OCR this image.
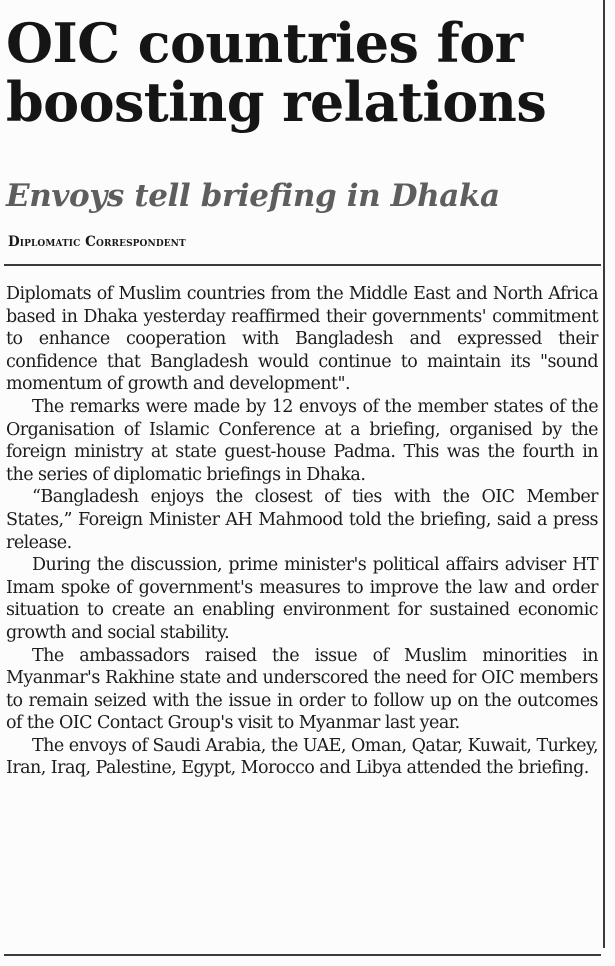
OIC countries for boosting relations
Envoys tell briefing in Dhaka
Diplomatic Correspondent

Diplomats of Muslim countries from the Middle East and North Africa based in Dhaka yesterday reaffirmed their governments' commitment to enhance cooperation with Bangladesh and expressed their confidence that Bangladesh would continue to maintain its "sound momentum of growth and development".

The remarks were made by 12 envoys of the member states of the Organisation of Islamic Conference at a briefing, organised by the foreign ministry at state guest-house Padma. This was the fourth in the series of diplomatic briefings in Dhaka.

“Bangladesh enjoys the closest of ties with the OIC Member States,” Foreign Minister AH Mahmood told the briefing, said a press release.

During the discussion, prime minister's political affairs adviser HT Imam spoke of government's measures to improve the law and order situation to create an enabling environment for sustained economic growth and social stability.

The ambassadors raised the issue of Muslim minorities in Myanmar's Rakhine state and underscored the need for OIC members to remain seized with the issue in order to follow up on the outcomes of the OIC Contact Group's visit to Myanmar last year.

The envoys of Saudi Arabia, the UAE, Oman, Qatar, Kuwait, Turkey, Iran, Iraq, Palestine, Egypt, Morocco and Libya attended the briefing.
